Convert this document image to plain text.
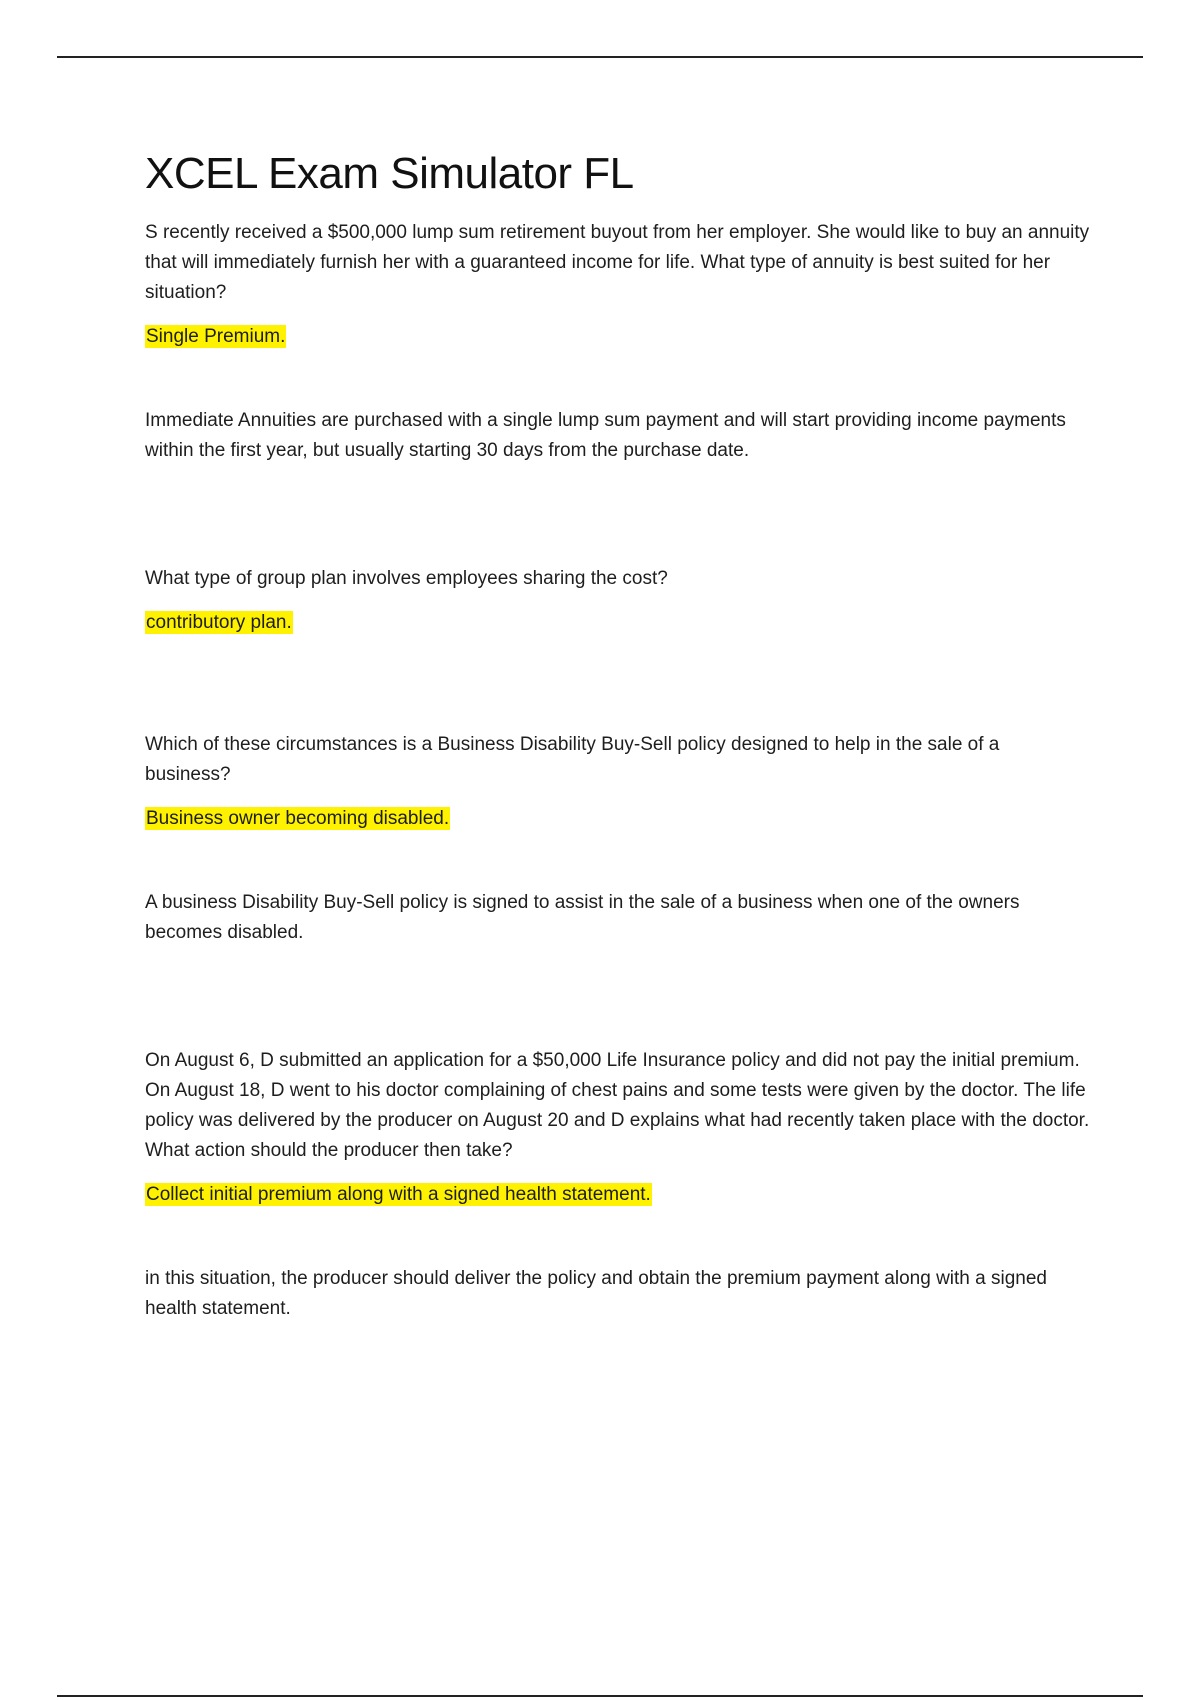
XCEL Exam Simulator FL

S recently received a $500,000 lump sum retirement buyout from her employer. She would like to buy an annuity that will immediately furnish her with a guaranteed income for life. What type of annuity is best suited for her situation?

Single Premium.

Immediate Annuities are purchased with a single lump sum payment and will start providing income payments within the first year, but usually starting 30 days from the purchase date.

What type of group plan involves employees sharing the cost?

contributory plan.

Which of these circumstances is a Business Disability Buy-Sell policy designed to help in the sale of a business?

Business owner becoming disabled.

A business Disability Buy-Sell policy is signed to assist in the sale of a business when one of the owners becomes disabled.

On August 6, D submitted an application for a $50,000 Life Insurance policy and did not pay the initial premium. On August 18, D went to his doctor complaining of chest pains and some tests were given by the doctor. The life policy was delivered by the producer on August 20 and D explains what had recently taken place with the doctor. What action should the producer then take?

Collect initial premium along with a signed health statement.

in this situation, the producer should deliver the policy and obtain the premium payment along with a signed health statement.
